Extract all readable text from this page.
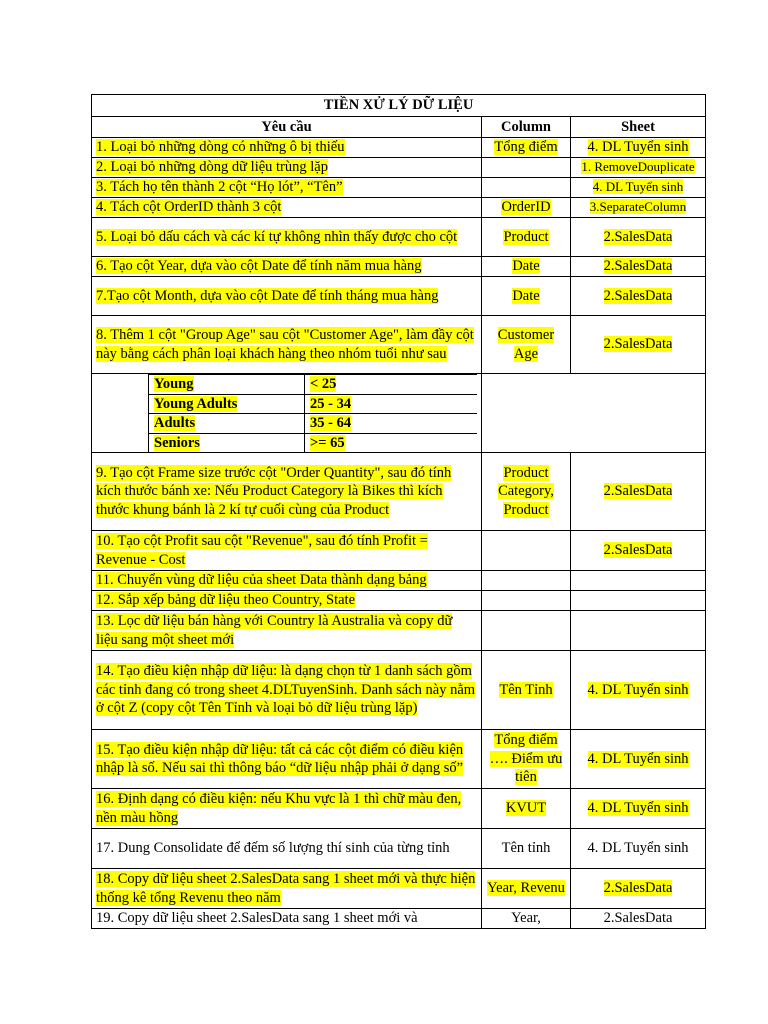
TIỀN XỬ LÝ DỮ LIỆU
Yêu cầu	Column	Sheet
1. Loại bỏ những dòng có những ô bị thiếu	Tổng điểm	4. DL Tuyển sinh
2. Loại bỏ những dòng dữ liệu trùng lặp		1. RemoveDouplicate
3. Tách họ tên thành 2 cột “Họ lót”, “Tên”		4. DL Tuyển sinh
4. Tách cột OrderID thành 3 cột	OrderID	3.SeparateColumn
5. Loại bỏ dấu cách và các kí tự không nhìn thấy được cho cột	Product	2.SalesData
6. Tạo cột Year, dựa vào cột Date để tính năm mua hàng	Date	2.SalesData
7.Tạo cột Month, dựa vào cột Date để tính tháng mua hàng	Date	2.SalesData
8. Thêm 1 cột "Group Age" sau cột "Customer Age", làm đầy cột này bằng cách phân loại khách hàng theo nhóm tuổi như sau	Customer Age	2.SalesData

Young	< 25
Young Adults	25 - 34
Adults	35 - 64
Seniors	>= 65

9. Tạo cột Frame size trước cột "Order Quantity", sau đó tính kích thước bánh xe: Nếu Product Category là Bikes thì kích thước khung bánh là 2 kí tự cuối cùng của Product	Product Category, Product	2.SalesData
10. Tạo cột Profit sau cột "Revenue", sau đó tính Profit = Revenue - Cost		2.SalesData
11. Chuyển vùng dữ liệu của sheet Data thành dạng bảng		
12. Sắp xếp bảng dữ liệu theo Country, State		
13. Lọc dữ liệu bán hàng với Country là Australia và copy dữ liệu sang một sheet mới		
14. Tạo điều kiện nhập dữ liệu: là dạng chọn từ 1 danh sách gồm các tỉnh đang có trong sheet 4.DLTuyenSinh. Danh sách này nằm ở cột Z (copy cột Tên Tỉnh và loại bỏ dữ liệu trùng lặp)	Tên Tỉnh	4. DL Tuyển sinh
15. Tạo điều kiện nhập dữ liệu: tất cả các cột điểm có điều kiện nhập là số. Nếu sai thì thông báo “dữ liệu nhập phải ở dạng số”	Tổng điểm …. Điểm ưu tiên	4. DL Tuyển sinh
16. Định dạng có điều kiện: nếu Khu vực là 1 thì chữ màu đen, nền màu hồng	KVUT	4. DL Tuyển sinh
17. Dung Consolidate để đếm số lượng thí sinh của từng tỉnh	Tên tỉnh	4. DL Tuyển sinh
18. Copy dữ liệu sheet 2.SalesData sang 1 sheet mới và thực hiện thống kê tổng Revenu theo năm	Year, Revenu	2.SalesData
19. Copy dữ liệu sheet 2.SalesData sang 1 sheet mới và	Year,	2.SalesData
